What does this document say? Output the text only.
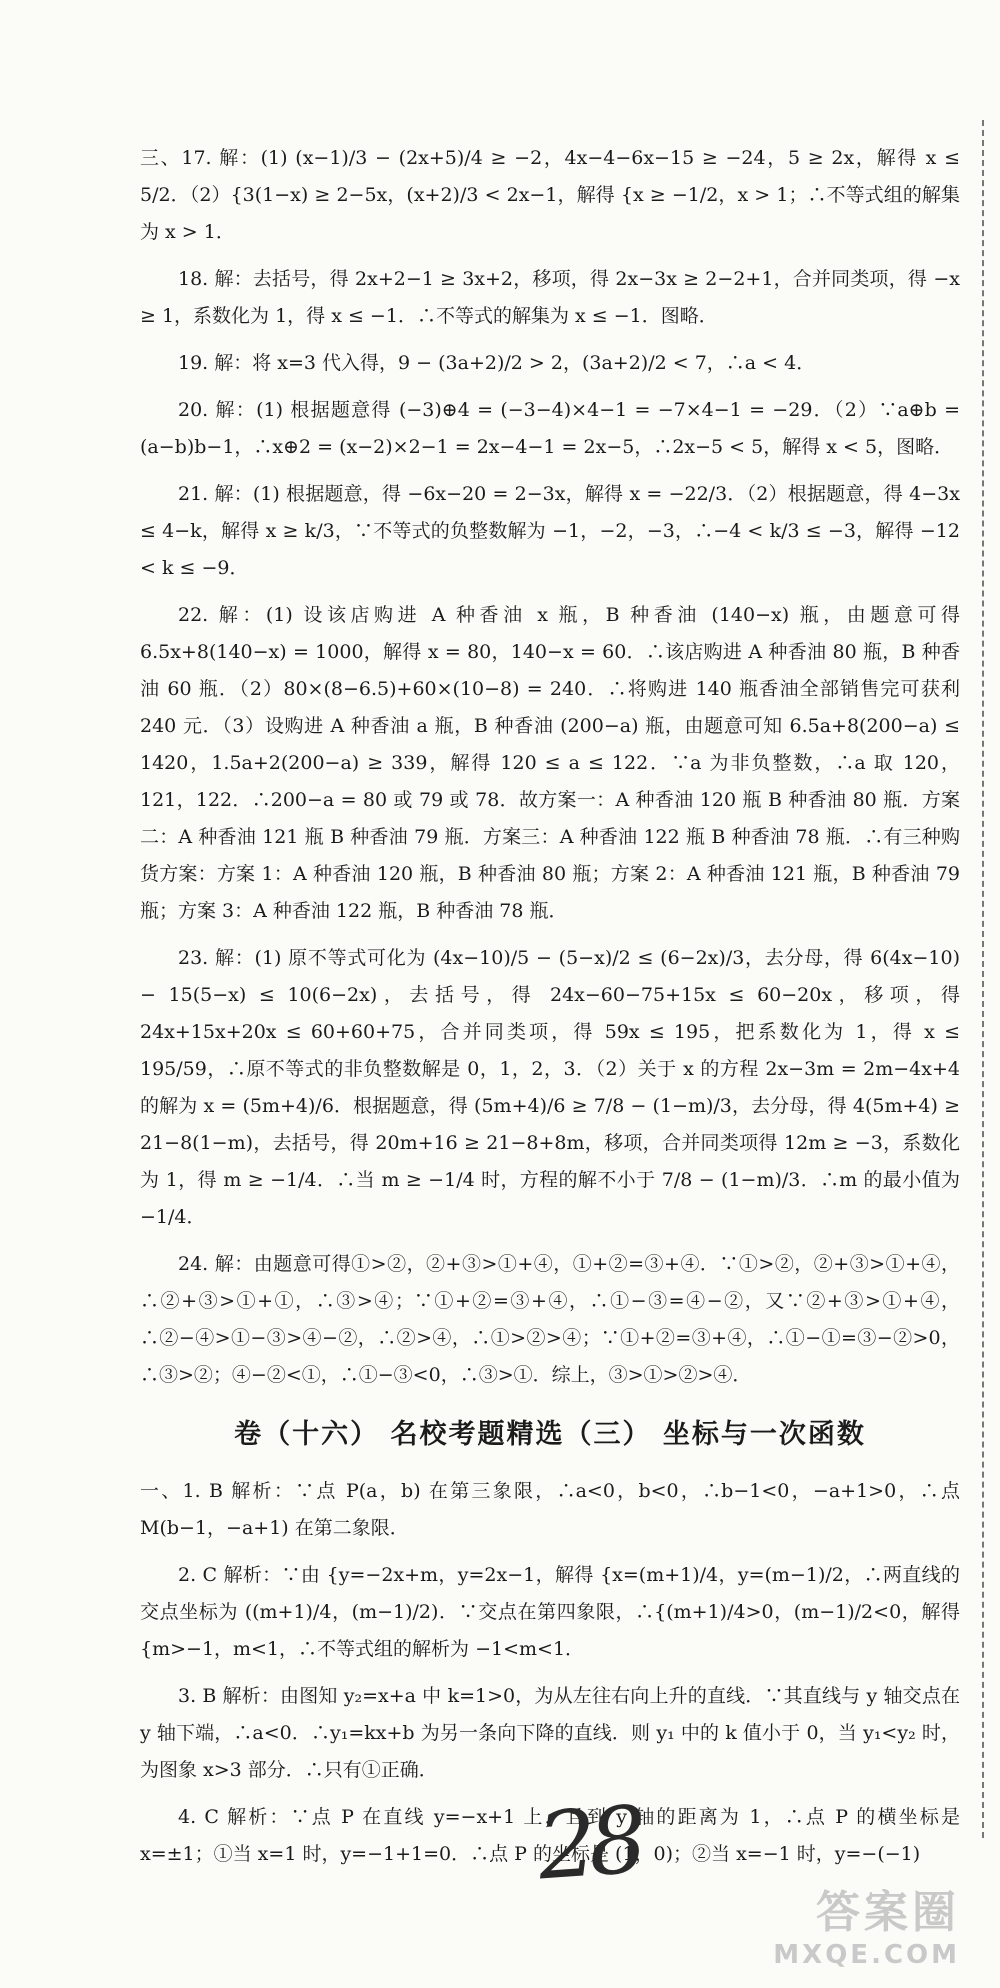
三、17. 解：(1) (x−1)/3 − (2x+5)/4 ≥ −2，4x−4−6x−15 ≥ −24，5 ≥ 2x，解得 x ≤ 5/2．（2）{3(1−x) ≥ 2−5x，(x+2)/3 < 2x−1，解得 {x ≥ −1/2，x > 1；∴不等式组的解集为 x > 1．

18. 解：去括号，得 2x+2−1 ≥ 3x+2，移项，得 2x−3x ≥ 2−2+1，合并同类项，得 −x ≥ 1，系数化为 1，得 x ≤ −1．∴不等式的解集为 x ≤ −1．图略．

19. 解：将 x=3 代入得，9 − (3a+2)/2 > 2，(3a+2)/2 < 7，∴a < 4．

20. 解：(1) 根据题意得 (−3)⊕4 = (−3−4)×4−1 = −7×4−1 = −29．（2）∵a⊕b = (a−b)b−1，∴x⊕2 = (x−2)×2−1 = 2x−4−1 = 2x−5，∴2x−5 < 5，解得 x < 5，图略．

21. 解：(1) 根据题意，得 −6x−20 = 2−3x，解得 x = −22/3．（2）根据题意，得 4−3x ≤ 4−k，解得 x ≥ k/3，∵不等式的负整数解为 −1，−2，−3，∴−4 < k/3 ≤ −3，解得 −12 < k ≤ −9．

22. 解：(1) 设该店购进 A 种香油 x 瓶，B 种香油 (140−x) 瓶，由题意可得 6.5x+8(140−x) = 1000，解得 x = 80，140−x = 60．∴该店购进 A 种香油 80 瓶，B 种香油 60 瓶．（2）80×(8−6.5)+60×(10−8) = 240．∴将购进 140 瓶香油全部销售完可获利 240 元．（3）设购进 A 种香油 a 瓶，B 种香油 (200−a) 瓶，由题意可知 6.5a+8(200−a) ≤ 1420，1.5a+2(200−a) ≥ 339，解得 120 ≤ a ≤ 122．∵a 为非负整数，∴a 取 120，121，122．∴200−a = 80 或 79 或 78．故方案一：A 种香油 120 瓶 B 种香油 80 瓶．方案二：A 种香油 121 瓶 B 种香油 79 瓶．方案三：A 种香油 122 瓶 B 种香油 78 瓶．∴有三种购货方案：方案 1：A 种香油 120 瓶，B 种香油 80 瓶；方案 2：A 种香油 121 瓶，B 种香油 79 瓶；方案 3：A 种香油 122 瓶，B 种香油 78 瓶．

23. 解：(1) 原不等式可化为 (4x−10)/5 − (5−x)/2 ≤ (6−2x)/3，去分母，得 6(4x−10) − 15(5−x) ≤ 10(6−2x)，去括号，得 24x−60−75+15x ≤ 60−20x，移项，得 24x+15x+20x ≤ 60+60+75，合并同类项，得 59x ≤ 195，把系数化为 1，得 x ≤ 195/59，∴原不等式的非负整数解是 0，1，2，3．（2）关于 x 的方程 2x−3m = 2m−4x+4 的解为 x = (5m+4)/6．根据题意，得 (5m+4)/6 ≥ 7/8 − (1−m)/3，去分母，得 4(5m+4) ≥ 21−8(1−m)，去括号，得 20m+16 ≥ 21−8+8m，移项，合并同类项得 12m ≥ −3，系数化为 1，得 m ≥ −1/4．∴当 m ≥ −1/4 时，方程的解不小于 7/8 − (1−m)/3．∴m 的最小值为 −1/4．

24. 解：由题意可得①>②，②+③>①+④，①+②=③+④．∵①>②，②+③>①+④，∴②+③>①+①，∴③>④；∵①+②=③+④，∴①−③=④−②，又∵②+③>①+④，∴②−④>①−③>④−②，∴②>④，∴①>②>④；∵①+②=③+④，∴①−①=③−②>0，∴③>②；④−②<①，∴①−③<0，∴③>①．综上，③>①>②>④．

卷（十六） 名校考题精选（三） 坐标与一次函数

一、1. B 解析：∵点 P(a，b) 在第三象限，∴a<0，b<0，∴b−1<0，−a+1>0，∴点 M(b−1，−a+1) 在第二象限．

2. C 解析：∵由 {y=−2x+m，y=2x−1，解得 {x=(m+1)/4，y=(m−1)/2，∴两直线的交点坐标为 ((m+1)/4，(m−1)/2)．∵交点在第四象限，∴{(m+1)/4>0，(m−1)/2<0，解得 {m>−1，m<1，∴不等式组的解析为 −1<m<1．

3. B 解析：由图知 y₂=x+a 中 k=1>0，为从左往右向上升的直线．∵其直线与 y 轴交点在 y 轴下端，∴a<0．∴y₁=kx+b 为另一条向下降的直线．则 y₁ 中的 k 值小于 0，当 y₁<y₂ 时，为图象 x>3 部分．∴只有①正确．

4. C 解析：∵点 P 在直线 y=−x+1 上，且到 y 轴的距离为 1，∴点 P 的横坐标是 x=±1；①当 x=1 时，y=−1+1=0．∴点 P 的坐标是 (1，0)；②当 x=−1 时，y=−(−1)

28
答案圈
MXQE.COM
